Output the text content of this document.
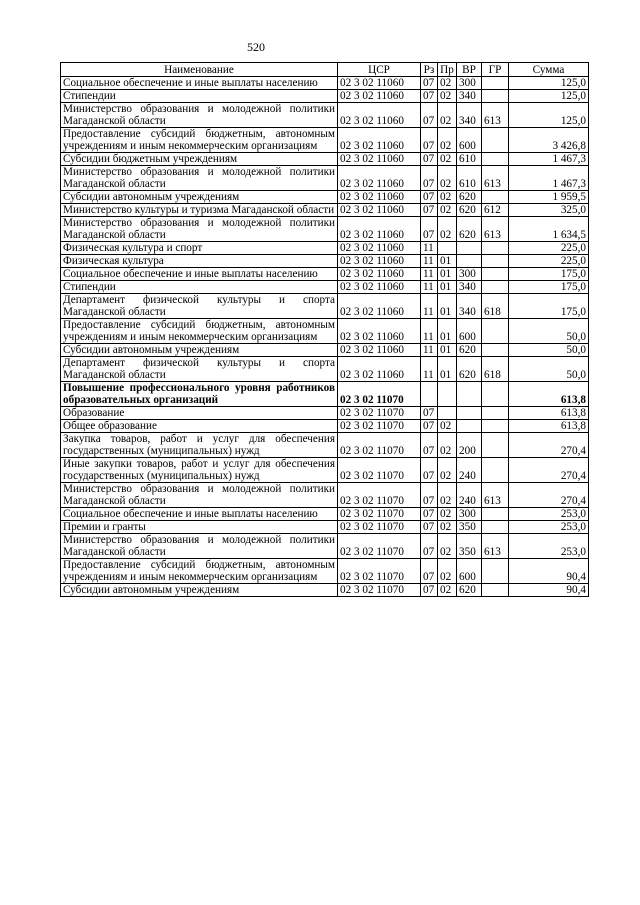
520
Наименование	ЦСР	Рз	Пр	ВР	ГР	Сумма
Социальное обеспечение и иные выплаты населению	02 3 02 11060	07	02	300		125,0
Стипендии	02 3 02 11060	07	02	340		125,0
Министерство образования и молодежной политики Магаданской области	02 3 02 11060	07	02	340	613	125,0
Предоставление субсидий бюджетным, автономным учреждениям и иным некоммерческим организациям	02 3 02 11060	07	02	600		3 426,8
Субсидии бюджетным учреждениям	02 3 02 11060	07	02	610		1 467,3
Министерство образования и молодежной политики Магаданской области	02 3 02 11060	07	02	610	613	1 467,3
Субсидии автономным учреждениям	02 3 02 11060	07	02	620		1 959,5
Министерство культуры и туризма Магаданской области	02 3 02 11060	07	02	620	612	325,0
Министерство образования и молодежной политики Магаданской области	02 3 02 11060	07	02	620	613	1 634,5
Физическая культура и спорт	02 3 02 11060	11				225,0
Физическая культура	02 3 02 11060	11	01			225,0
Социальное обеспечение и иные выплаты населению	02 3 02 11060	11	01	300		175,0
Стипендии	02 3 02 11060	11	01	340		175,0
Департамент физической культуры и спорта Магаданской области	02 3 02 11060	11	01	340	618	175,0
Предоставление субсидий бюджетным, автономным учреждениям и иным некоммерческим организациям	02 3 02 11060	11	01	600		50,0
Субсидии автономным учреждениям	02 3 02 11060	11	01	620		50,0
Департамент физической культуры и спорта Магаданской области	02 3 02 11060	11	01	620	618	50,0
Повышение профессионального уровня работников образовательных организаций	02 3 02 11070					613,8
Образование	02 3 02 11070	07				613,8
Общее образование	02 3 02 11070	07	02			613,8
Закупка товаров, работ и услуг для обеспечения государственных (муниципальных) нужд	02 3 02 11070	07	02	200		270,4
Иные закупки товаров, работ и услуг для обеспечения государственных (муниципальных) нужд	02 3 02 11070	07	02	240		270,4
Министерство образования и молодежной политики Магаданской области	02 3 02 11070	07	02	240	613	270,4
Социальное обеспечение и иные выплаты населению	02 3 02 11070	07	02	300		253,0
Премии и гранты	02 3 02 11070	07	02	350		253,0
Министерство образования и молодежной политики Магаданской области	02 3 02 11070	07	02	350	613	253,0
Предоставление субсидий бюджетным, автономным учреждениям и иным некоммерческим организациям	02 3 02 11070	07	02	600		90,4
Субсидии автономным учреждениям	02 3 02 11070	07	02	620		90,4
